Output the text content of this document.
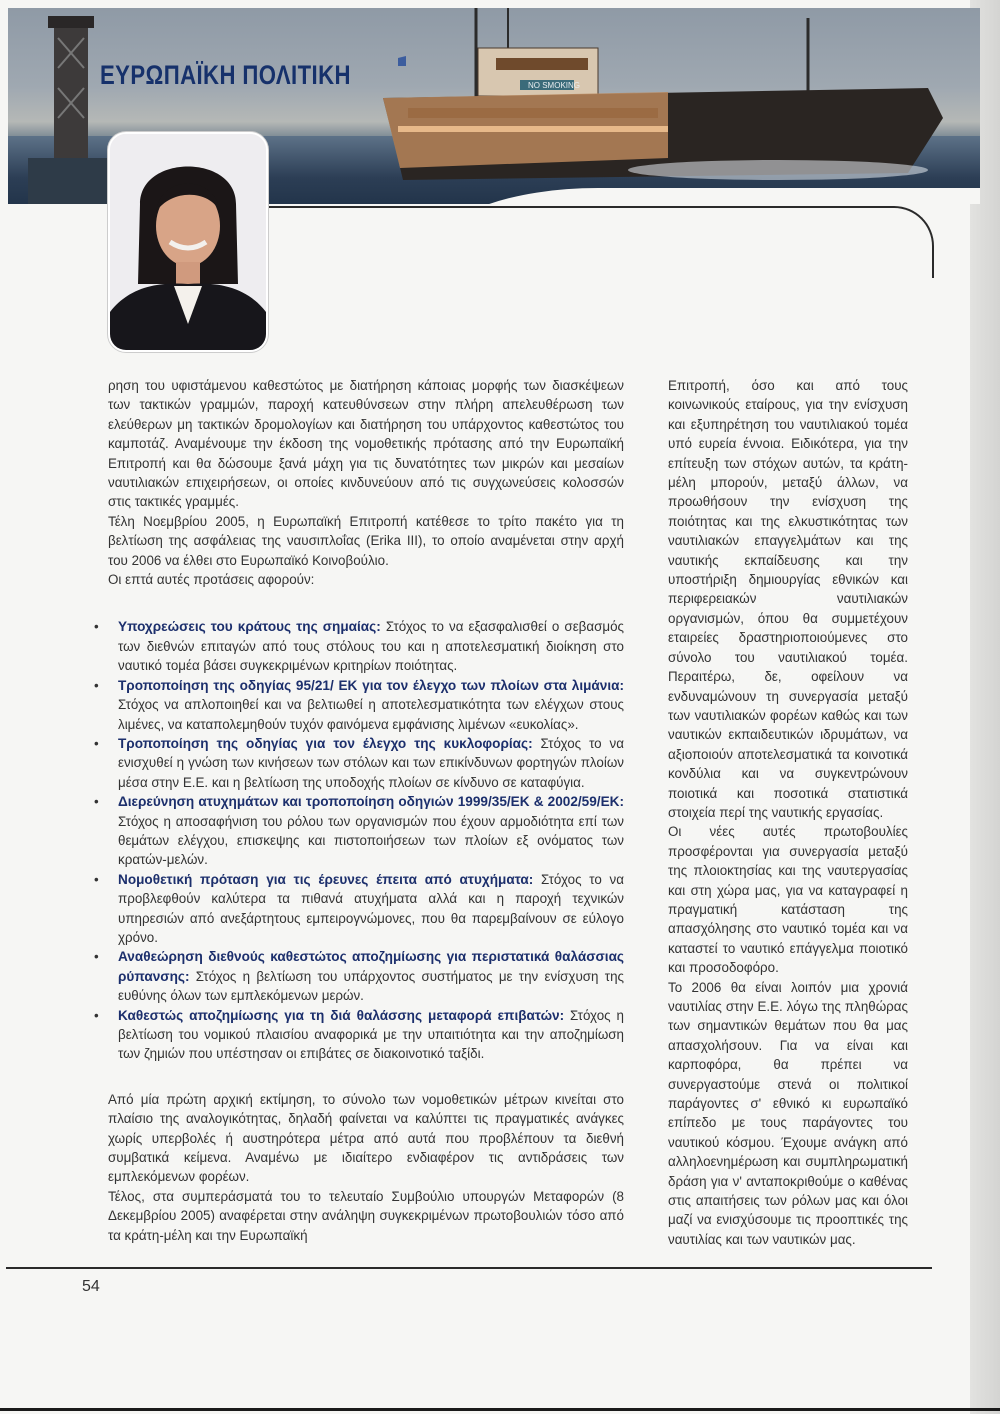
ΕΥΡΩΠΑΪΚΗ ΠΟΛΙΤΙΚΗ	NO SMOKING

ρηση του υφιστάμενου καθεστώτος με διατήρηση κάποιας μορφής των διασκέψεων των τακτικών γραμμών, παροχή κατευθύνσεων στην πλήρη απελευθέρωση των ελεύθερων μη τακτικών δρομολογίων και διατήρηση του υπάρχοντος καθεστώτος του καμποτάζ. Αναμένουμε την έκδοση της νομοθετικής πρότασης από την Ευρωπαϊκή Επιτροπή και θα δώσουμε ξανά μάχη για τις δυνατότητες των μικρών και μεσαίων ναυτιλιακών επιχειρήσεων, οι οποίες κινδυνεύουν από τις συγχωνεύσεις κολοσσών στις τακτικές γραμμές.

Τέλη Νοεμβρίου 2005, η Ευρωπαϊκή Επιτροπή κατέθεσε το τρίτο πακέτο για τη βελτίωση της ασφάλειας της ναυσιπλοΐας (Erika III), το οποίο αναμένεται στην αρχή του 2006 να έλθει στο Ευρωπαϊκό Κοινοβούλιο.

Οι επτά αυτές προτάσεις αφορούν:

• Υποχρεώσεις του κράτους της σημαίας: Στόχος το να εξασφαλισθεί ο σεβασμός των διεθνών επιταγών από τους στόλους του και η αποτελεσματική διοίκηση στο ναυτικό τομέα βάσει συγκεκριμένων κριτηρίων ποιότητας.
• Τροποποίηση της οδηγίας 95/21/ ΕΚ για τον έλεγχο των πλοίων στα λιμάνια: Στόχος να απλοποιηθεί και να βελτιωθεί η αποτελεσματικότητα των ελέγχων στους λιμένες, να καταπολεμηθούν τυχόν φαινόμενα εμφάνισης λιμένων «ευκολίας».
• Τροποποίηση της οδηγίας για τον έλεγχο της κυκλοφορίας: Στόχος το να ενισχυθεί η γνώση των κινήσεων των στόλων και των επικίνδυνων φορτηγών πλοίων μέσα στην Ε.Ε. και η βελτίωση της υποδοχής πλοίων σε κίνδυνο σε καταφύγια.
• Διερεύνηση ατυχημάτων και τροποποίηση οδηγιών 1999/35/ΕΚ & 2002/59/ΕΚ: Στόχος η αποσαφήνιση του ρόλου των οργανισμών που έχουν αρμοδιότητα επί των θεμάτων ελέγχου, επισκεψης και πιστοποιήσεων των πλοίων εξ ονόματος των κρατών-μελών.
• Νομοθετική πρόταση για τις έρευνες έπειτα από ατυχήματα: Στόχος το να προβλεφθούν καλύτερα τα πιθανά ατυχήματα αλλά και η παροχή τεχνικών υπηρεσιών από ανεξάρτητους εμπειρογνώμονες, που θα παρεμβαίνουν σε εύλογο χρόνο.
• Αναθεώρηση διεθνούς καθεστώτος αποζημίωσης για περιστατικά θαλάσσιας ρύπανσης: Στόχος η βελτίωση του υπάρχοντος συστήματος με την ενίσχυση της ευθύνης όλων των εμπλεκόμενων μερών.
• Καθεστώς αποζημίωσης για τη διά θαλάσσης μεταφορά επιβατών: Στόχος η βελτίωση του νομικού πλαισίου αναφορικά με την υπαιτιότητα και την αποζημίωση των ζημιών που υπέστησαν οι επιβάτες σε διακοινοτικό ταξίδι.

Από μία πρώτη αρχική εκτίμηση, το σύνολο των νομοθετικών μέτρων κινείται στο πλαίσιο της αναλογικότητας, δηλαδή φαίνεται να καλύπτει τις πραγματικές ανάγκες χωρίς υπερβολές ή αυστηρότερα μέτρα από αυτά που προβλέπουν τα διεθνή συμβατικά κείμενα. Αναμένω με ιδιαίτερο ενδιαφέρον τις αντιδράσεις των εμπλεκόμενων φορέων.

Τέλος, στα συμπεράσματά του το τελευταίο Συμβούλιο υπουργών Μεταφορών (8 Δεκεμβρίου 2005) αναφέρεται στην ανάληψη συγκεκριμένων πρωτοβουλιών τόσο από τα κράτη-μέλη και την Ευρωπαϊκή

Επιτροπή, όσο και από τους κοινωνικούς εταίρους, για την ενίσχυση και εξυπηρέτηση του ναυτιλιακού τομέα υπό ευρεία έννοια. Ειδικότερα, για την επίτευξη των στόχων αυτών, τα κράτη-μέλη μπορούν, μεταξύ άλλων, να προωθήσουν την ενίσχυση της ποιότητας και της ελκυστικότητας των ναυτιλιακών επαγγελμάτων και της ναυτικής εκπαίδευσης και την υποστήριξη δημιουργίας εθνικών και περιφερειακών ναυτιλιακών οργανισμών, όπου θα συμμετέχουν εταιρείες δραστηριοποιούμενες στο σύνολο του ναυτιλιακού τομέα. Περαιτέρω, δε, οφείλουν να ενδυναμώνουν τη συνεργασία μεταξύ των ναυτιλιακών φορέων καθώς και των ναυτικών εκπαιδευτικών ιδρυμάτων, να αξιοποιούν αποτελεσματικά τα κοινοτικά κονδύλια και να συγκεντρώνουν ποιοτικά και ποσοτικά στατιστικά στοιχεία περί της ναυτικής εργασίας.

Οι νέες αυτές πρωτοβουλίες προσφέρονται για συνεργασία μεταξύ της πλοιοκτησίας και της ναυτεργασίας και στη χώρα μας, για να καταγραφεί η πραγματική κατάσταση της απασχόλησης στο ναυτικό τομέα και να καταστεί το ναυτικό επάγγελμα ποιοτικό και προσοδοφόρο.

Το 2006 θα είναι λοιπόν μια χρονιά ναυτιλίας στην Ε.Ε. λόγω της πληθώρας των σημαντικών θεμάτων που θα μας απασχολήσουν. Για να είναι και καρποφόρα, θα πρέπει να συνεργαστούμε στενά οι πολιτικοί παράγοντες σ' εθνικό κι ευρωπαϊκό επίπεδο με τους παράγοντες του ναυτικού κόσμου. Έχουμε ανάγκη από αλληλοενημέρωση και συμπληρωματική δράση για ν' ανταποκριθούμε ο καθένας στις απαιτήσεις των ρόλων μας και όλοι μαζί να ενισχύσουμε τις προοπτικές της ναυτιλίας και των ναυτικών μας.

54
